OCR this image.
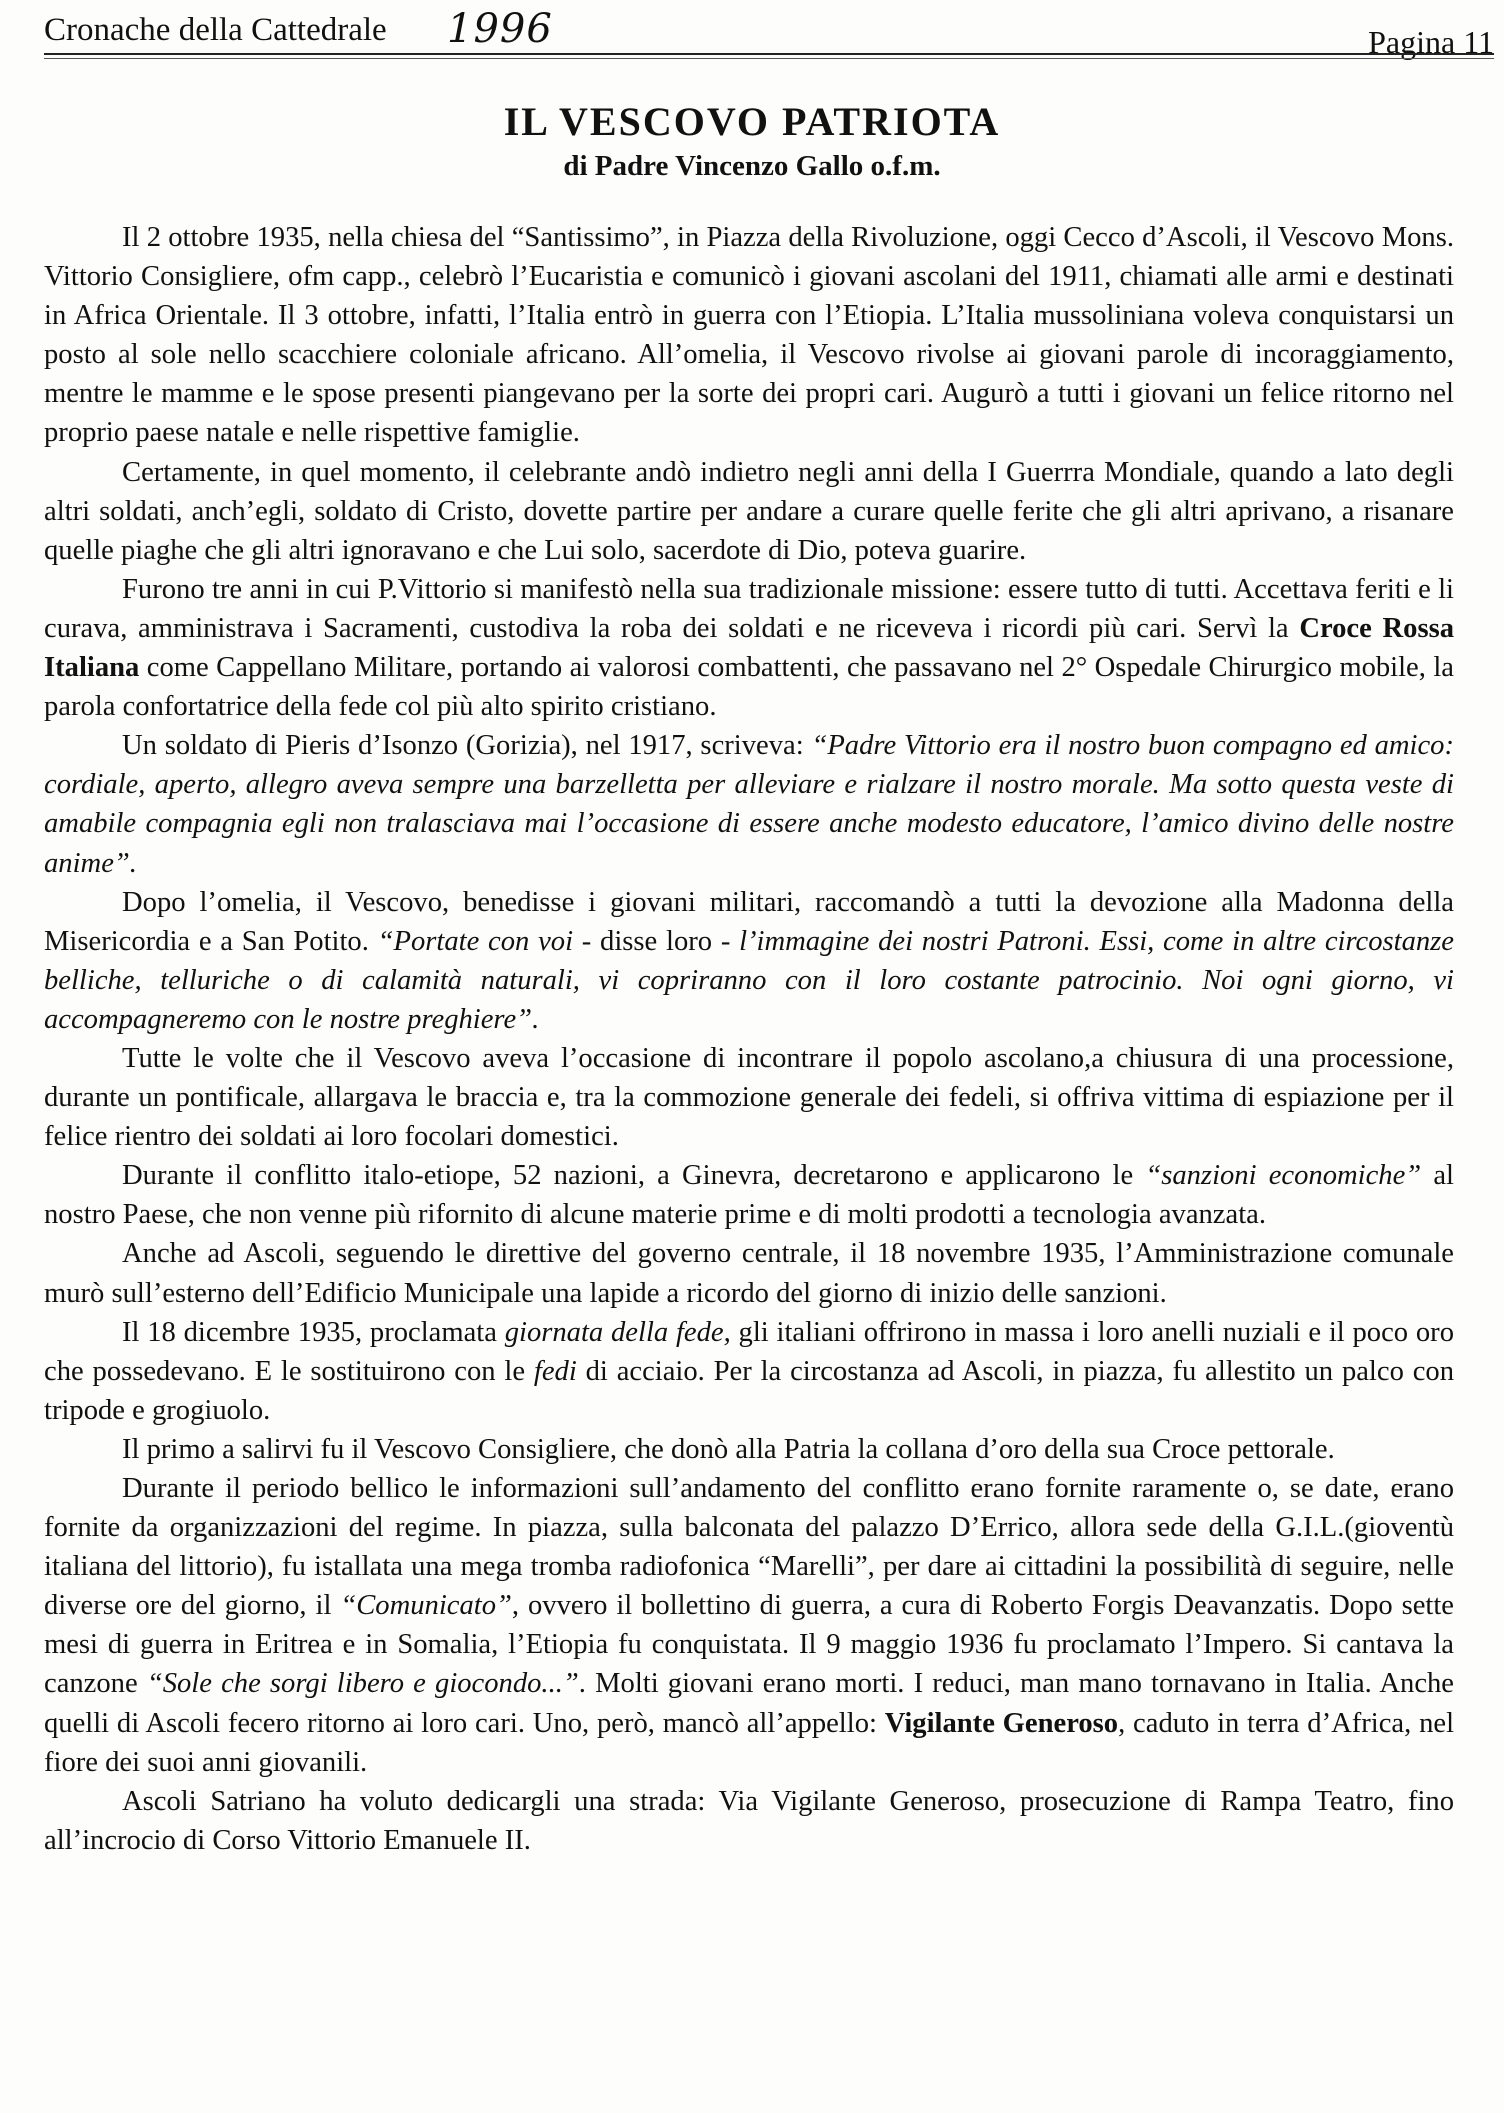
Cronache della Cattedrale 1996	Pagina 11
IL VESCOVO PATRIOTA
di Padre Vincenzo Gallo o.f.m.

Il 2 ottobre 1935, nella chiesa del “Santissimo”, in Piazza della Rivoluzione, oggi Cecco d’Ascoli, il Vescovo Mons. Vittorio Consigliere, ofm capp., celebrò l’Eucaristia e comunicò i giovani ascolani del 1911, chiamati alle armi e destinati in Africa Orientale. Il 3 ottobre, infatti, l’Italia entrò in guerra con l’Etiopia. L’Italia mussoliniana voleva conquistarsi un posto al sole nello scacchiere coloniale africano. All’omelia, il Vescovo rivolse ai giovani parole di incoraggiamento, mentre le mamme e le spose presenti piangevano per la sorte dei propri cari. Augurò a tutti i giovani un felice ritorno nel proprio paese natale e nelle rispettive famiglie.

Certamente, in quel momento, il celebrante andò indietro negli anni della I Guerrra Mondiale, quando a lato degli altri soldati, anch’egli, soldato di Cristo, dovette partire per andare a curare quelle ferite che gli altri aprivano, a risanare quelle piaghe che gli altri ignoravano e che Lui solo, sacerdote di Dio, poteva guarire.

Furono tre anni in cui P.Vittorio si manifestò nella sua tradizionale missione: essere tutto di tutti. Accettava feriti e li curava, amministrava i Sacramenti, custodiva la roba dei soldati e ne riceveva i ricordi più cari. Servì la Croce Rossa Italiana come Cappellano Militare, portando ai valorosi combattenti, che passavano nel 2° Ospedale Chirurgico mobile, la parola confortatrice della fede col più alto spirito cristiano.

Un soldato di Pieris d’Isonzo (Gorizia), nel 1917, scriveva: “Padre Vittorio era il nostro buon compagno ed amico: cordiale, aperto, allegro aveva sempre una barzelletta per alleviare e rialzare il nostro morale. Ma sotto questa veste di amabile compagnia egli non tralasciava mai l’occasione di essere anche modesto educatore, l’amico divino delle nostre anime”.

Dopo l’omelia, il Vescovo, benedisse i giovani militari, raccomandò a tutti la devozione alla Madonna della Misericordia e a San Potito. “Portate con voi - disse loro - l’immagine dei nostri Patroni. Essi, come in altre circostanze belliche, telluriche o di calamità naturali, vi copriranno con il loro costante patrocinio. Noi ogni giorno, vi accompagneremo con le nostre preghiere”.

Tutte le volte che il Vescovo aveva l’occasione di incontrare il popolo ascolano,a chiusura di una processione, durante un pontificale, allargava le braccia e, tra la commozione generale dei fedeli, si offriva vittima di espiazione per il felice rientro dei soldati ai loro focolari domestici.

Durante il conflitto italo-etiope, 52 nazioni, a Ginevra, decretarono e applicarono le “sanzioni economiche” al nostro Paese, che non venne più rifornito di alcune materie prime e di molti prodotti a tecnologia avanzata.

Anche ad Ascoli, seguendo le direttive del governo centrale, il 18 novembre 1935, l’Amministrazione comunale murò sull’esterno dell’Edificio Municipale una lapide a ricordo del giorno di inizio delle sanzioni.

Il 18 dicembre 1935, proclamata giornata della fede, gli italiani offrirono in massa i loro anelli nuziali e il poco oro che possedevano. E le sostituirono con le fedi di acciaio. Per la circostanza ad Ascoli, in piazza, fu allestito un palco con tripode e grogiuolo.

Il primo a salirvi fu il Vescovo Consigliere, che donò alla Patria la collana d’oro della sua Croce pettorale.

Durante il periodo bellico le informazioni sull’andamento del conflitto erano fornite raramente o, se date, erano fornite da organizzazioni del regime. In piazza, sulla balconata del palazzo D’Errico, allora sede della G.I.L.(gioventù italiana del littorio), fu istallata una mega tromba radiofonica “Marelli”, per dare ai cittadini la possibilità di seguire, nelle diverse ore del giorno, il “Comunicato”, ovvero il bollettino di guerra, a cura di Roberto Forgis Deavanzatis. Dopo sette mesi di guerra in Eritrea e in Somalia, l’Etiopia fu conquistata. Il 9 maggio 1936 fu proclamato l’Impero. Si cantava la canzone “Sole che sorgi libero e giocondo...”. Molti giovani erano morti. I reduci, man mano tornavano in Italia. Anche quelli di Ascoli fecero ritorno ai loro cari. Uno, però, mancò all’appello: Vigilante Generoso, caduto in terra d’Africa, nel fiore dei suoi anni giovanili.

Ascoli Satriano ha voluto dedicargli una strada: Via Vigilante Generoso, prosecuzione di Rampa Teatro, fino all’incrocio di Corso Vittorio Emanuele II.
